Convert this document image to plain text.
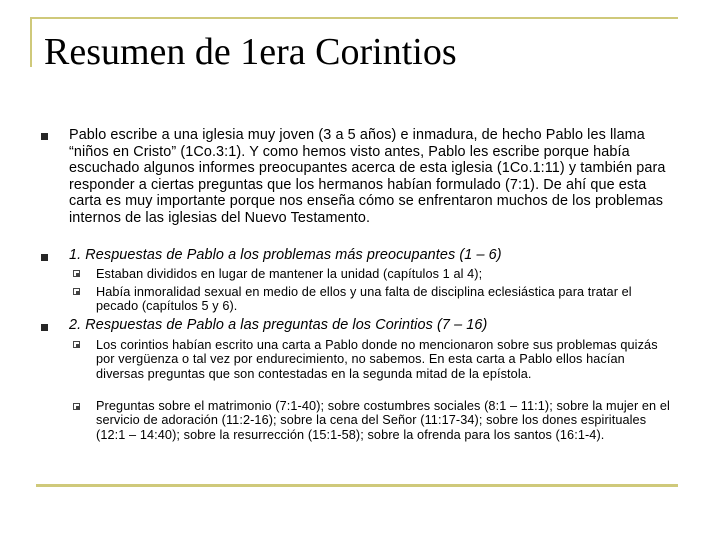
Resumen de 1era Corintios

Pablo escribe a una iglesia muy joven (3 a 5 años) e inmadura, de hecho Pablo les llama “niños en Cristo” (1Co.3:1). Y como hemos visto antes, Pablo les escribe porque había escuchado algunos informes preocupantes acerca de esta iglesia (1Co.1:11) y también para responder a ciertas preguntas que los hermanos habían formulado (7:1). De ahí que esta carta es muy importante porque nos enseña cómo se enfrentaron muchos de los problemas internos de las iglesias del Nuevo Testamento.

1. Respuestas de Pablo a los problemas más preocupantes (1 – 6)

Estaban divididos en lugar de mantener la unidad (capítulos 1 al 4);

Había inmoralidad sexual en medio de ellos y una falta de disciplina eclesiástica para tratar el pecado (capítulos 5 y 6).

2. Respuestas de Pablo a las preguntas de los Corintios (7 – 16)

Los corintios habían escrito una carta a Pablo donde no mencionaron sobre sus problemas quizás por vergüenza o tal vez por endurecimiento, no sabemos. En esta carta a Pablo ellos hacían diversas preguntas que son contestadas en la segunda mitad de la epístola.

Preguntas sobre el matrimonio (7:1-40); sobre costumbres sociales (8:1 – 11:1); sobre la mujer en el servicio de adoración (11:2-16); sobre la cena del Señor (11:17-34); sobre los dones espirituales (12:1 – 14:40); sobre la resurrección (15:1-58); sobre la ofrenda para los santos (16:1-4).
